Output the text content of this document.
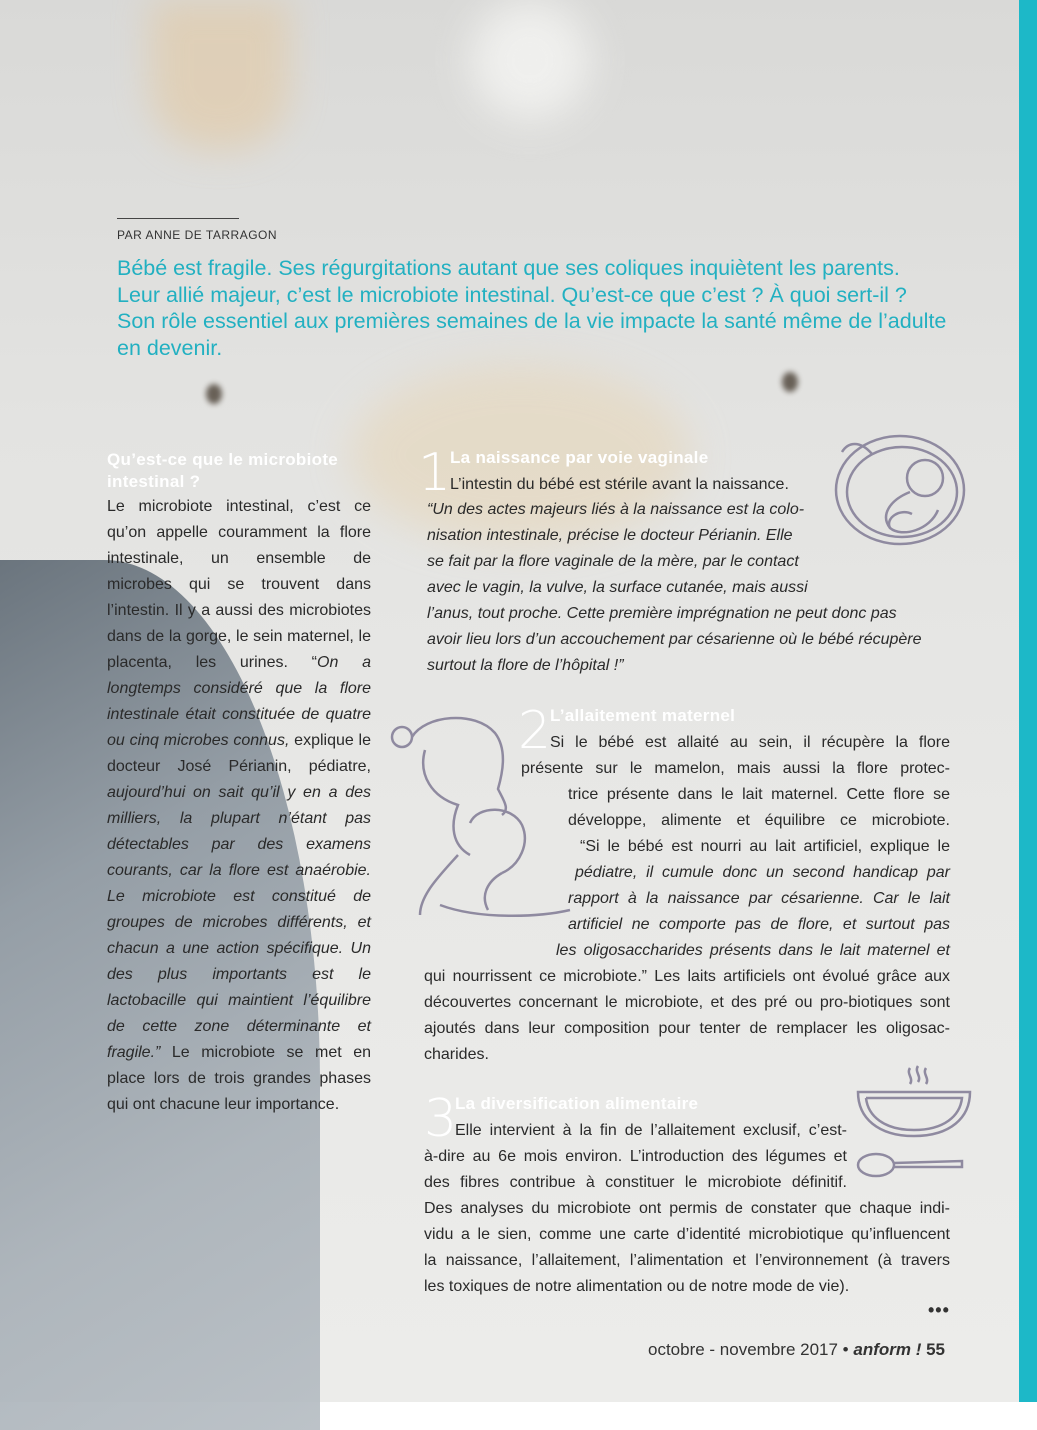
PAR ANNE DE TARRAGON
Bébé est fragile. Ses régurgitations autant que ses coliques inquiètent les parents. Leur allié majeur, c’est le microbiote intestinal. Qu’est-ce que c’est ? À quoi sert-il ? Son rôle essentiel aux premières semaines de la vie impacte la santé même de l’adulte en devenir.
Qu’est-ce que le microbiote intestinal ?
Le microbiote intestinal, c’est ce qu’on appelle couramment la flore intestinale, un ensemble de microbes qui se trouvent dans l’intestin. Il y a aussi des microbiotes dans de la gorge, le sein maternel, le placenta, les urines. “On a longtemps considéré que la flore intestinale était constituée de quatre ou cinq microbes connus, explique le docteur José Périanin, pédiatre, aujourd’hui on sait qu’il y en a des milliers, la plupart n’étant pas détectables par des examens courants, car la flore est anaérobie. Le microbiote est constitué de groupes de microbes différents, et chacun a une action spécifique. Un des plus importants est le lactobacille qui maintient l’équilibre de cette zone déterminante et fragile.” Le microbiote se met en place lors de trois grandes phases qui ont chacune leur importance.
1
La naissance par voie vaginale
L’intestin du bébé est stérile avant la naissance.
“Un des actes majeurs liés à la naissance est la colo-
nisation intestinale, précise le docteur Périanin. Elle
se fait par la flore vaginale de la mère, par le contact
avec le vagin, la vulve, la surface cutanée, mais aussi
l’anus, tout proche. Cette première imprégnation ne peut donc pas
avoir lieu lors d’un accouchement par césarienne où le bébé récupère
surtout la flore de l’hôpital !”
2
L’allaitement maternel
Si le bébé est allaité au sein, il récupère la flore
présente sur le mamelon, mais aussi la flore protec-
trice présente dans le lait maternel. Cette flore se
développe, alimente et équilibre ce microbiote.
“Si le bébé est nourri au lait artificiel, explique le
pédiatre, il cumule donc un second handicap par
rapport à la naissance par césarienne. Car le lait
artificiel ne comporte pas de flore, et surtout pas
les oligosaccharides présents dans le lait maternel et
qui nourrissent ce microbiote.” Les laits artificiels ont évolué grâce aux
découvertes concernant le microbiote, et des pré ou pro-biotiques sont
ajoutés dans leur composition pour tenter de remplacer les oligosac-
charides.
3
La diversification alimentaire
Elle intervient à la fin de l’allaitement exclusif, c’est-
à-dire au 6e mois environ. L’introduction des légumes et
des fibres contribue à constituer le microbiote définitif.
Des analyses du microbiote ont permis de constater que chaque indi-
vidu a le sien, comme une carte d’identité microbiotique qu’influencent
la naissance, l’allaitement, l’alimentation et l’environnement (à travers
les toxiques de notre alimentation ou de notre mode de vie).
•••
octobre - novembre 2017 • anform ! 55
